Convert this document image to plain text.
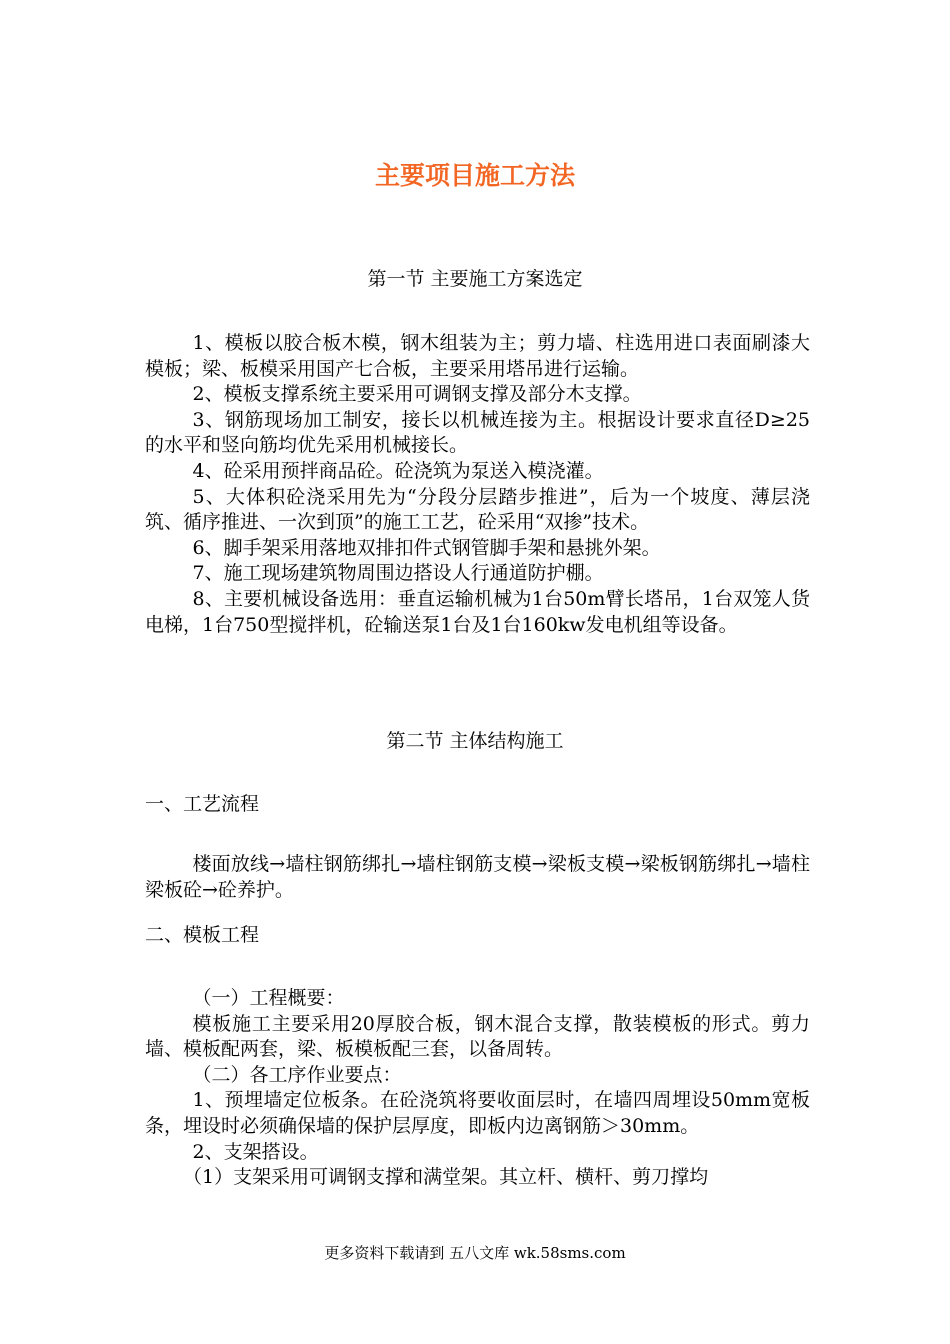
主要项目施工方法
第一节 主要施工方案选定

1、模板以胶合板木模，钢木组装为主；剪力墙、柱选用进口表面刷漆大模板；梁、板模采用国产七合板，主要采用塔吊进行运输。

2、模板支撑系统主要采用可调钢支撑及部分木支撑。

3、钢筋现场加工制安，接长以机械连接为主。根据设计要求直径D≥25的水平和竖向筋均优先采用机械接长。

4、砼采用预拌商品砼。砼浇筑为泵送入模浇灌。

5、大体积砼浇采用先为“分段分层踏步推进”，后为一个坡度、薄层浇筑、循序推进、一次到顶”的施工工艺，砼采用“双掺”技术。

6、脚手架采用落地双排扣件式钢管脚手架和悬挑外架。

7、施工现场建筑物周围边搭设人行通道防护棚。

8、主要机械设备选用：垂直运输机械为1台50m臂长塔吊，1台双笼人货电梯，1台750型搅拌机，砼输送泵1台及1台160kw发电机组等设备。

第二节 主体结构施工
一、工艺流程

楼面放线→墙柱钢筋绑扎→墙柱钢筋支模→梁板支模→梁板钢筋绑扎→墙柱梁板砼→砼养护。

二、模板工程

（一）工程概要：

模板施工主要采用20厚胶合板，钢木混合支撑，散装模板的形式。剪力墙、模板配两套，梁、板模板配三套，以备周转。

（二）各工序作业要点：

1、预埋墙定位板条。在砼浇筑将要收面层时，在墙四周埋设50mm宽板条，埋设时必须确保墙的保护层厚度，即板内边离钢筋＞30mm。

2、支架搭设。

（1）支架采用可调钢支撑和满堂架。其立杆、横杆、剪刀撑均

更多资料下载请到 五八文库 wk.58sms.com
